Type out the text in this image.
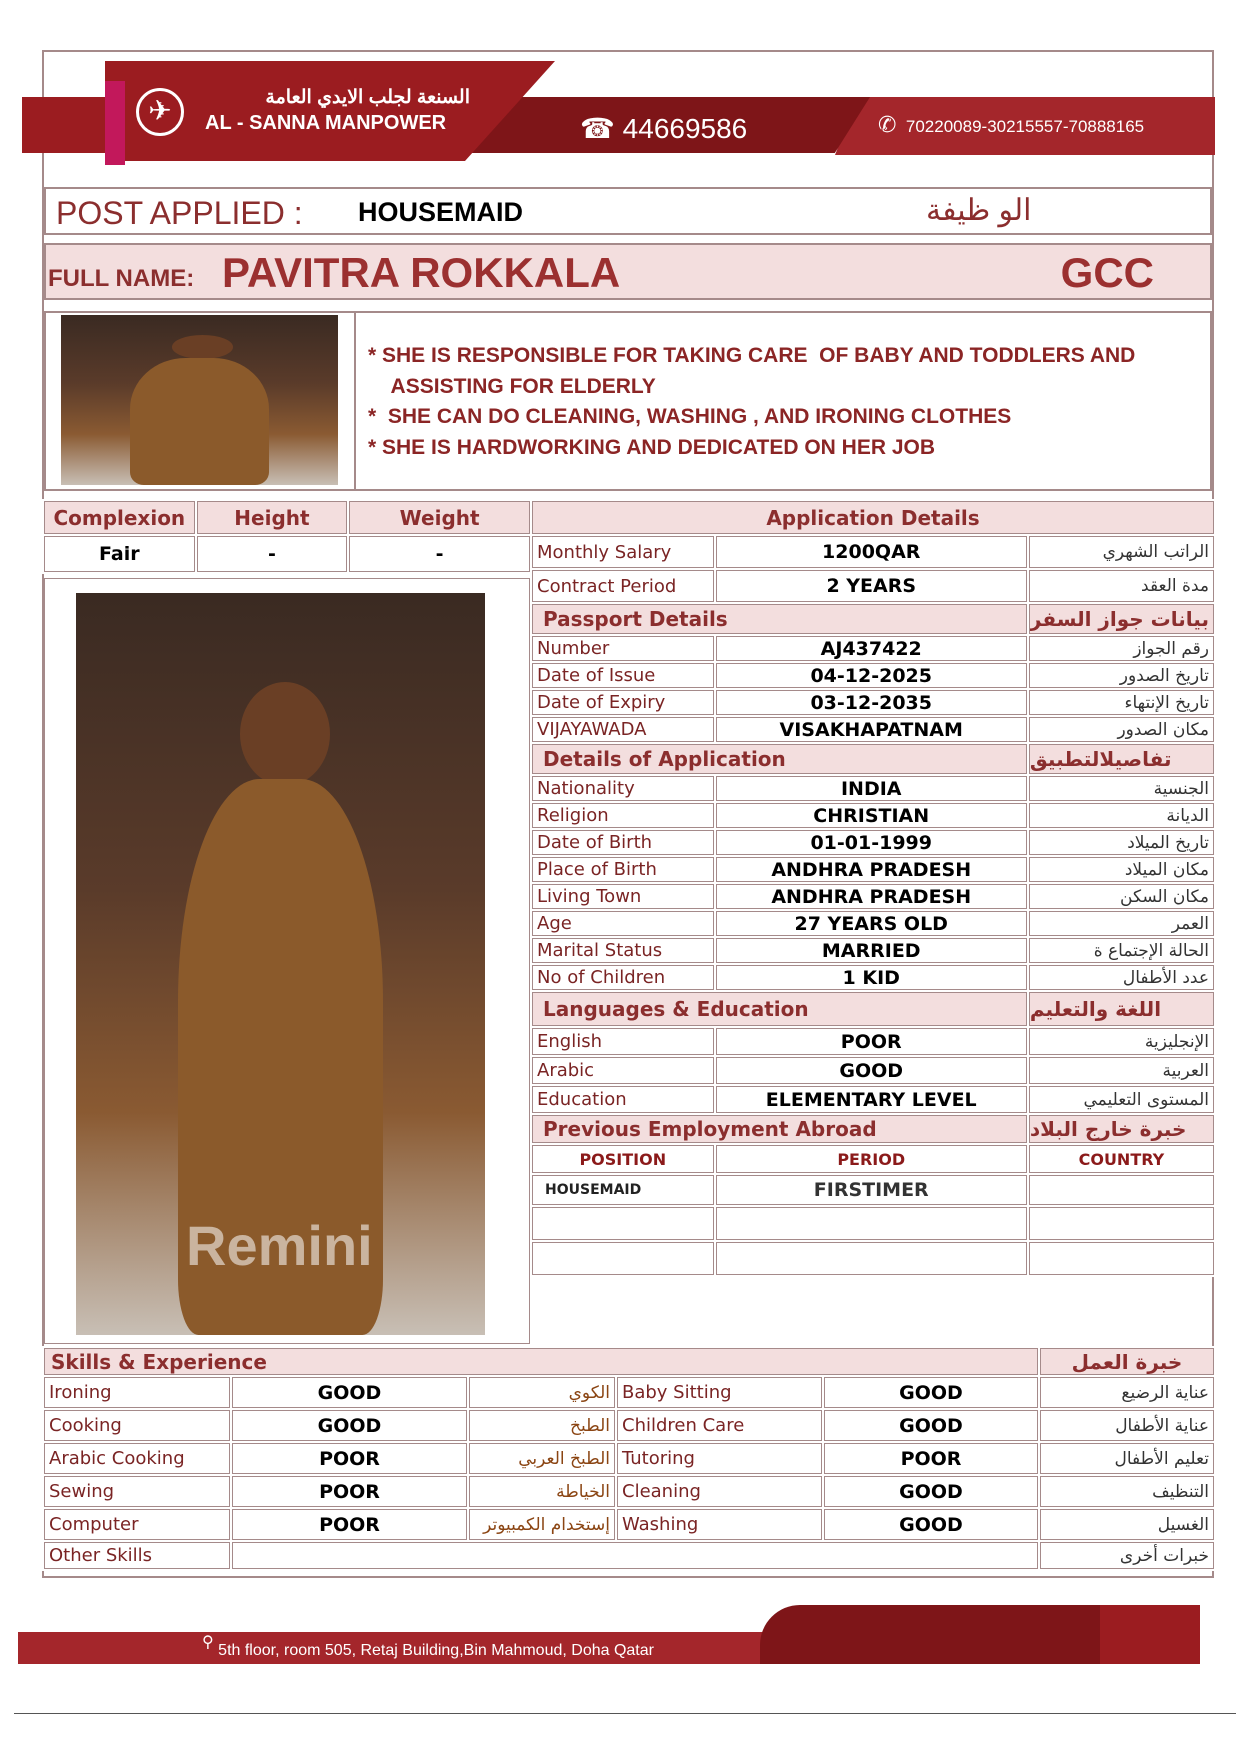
✈	السنعة لجلب الايدي العامة
AL - SANNA MANPOWER	☎ 44669586	✆ 70220089-30215557-70888165
POST APPLIED : HOUSEMAID	الو ظيفة
FULL NAME: PAVITRA ROKKALA	GCC
* SHE IS RESPONSIBLE FOR TAKING CARE  OF BABY AND TODDLERS AND
ASSISTING FOR ELDERLY
*  SHE CAN DO CLEANING, WASHING , AND IRONING CLOTHES
* SHE IS HARDWORKING AND DEDICATED ON HER JOB
Complexion	Height	Weight
Fair	-	-
Remini
Application Details		
Monthly Salary	1200QAR	الراتب الشهري
Contract Period	2 YEARS	مدة العقد
Passport Details		بيانات جواز السفر
Number	AJ437422	رقم الجواز
Date of Issue	04-12-2025	تاريخ الصدور
Date of Expiry	03-12-2035	تاريخ الإنتهاء
VIJAYAWADA	VISAKHAPATNAM	مكان الصدور
Details of Application		تفاصيلالتطبيق
Nationality	INDIA	الجنسية
Religion	CHRISTIAN	الديانة
Date of Birth	01-01-1999	تاريخ الميلاد
Place of Birth	ANDHRA PRADESH	مكان الميلاد
Living Town	ANDHRA PRADESH	مكان السكن
Age	27 YEARS OLD	العمر
Marital Status	MARRIED	الحالة الإجتماع ة
No of Children	1 KID	عدد الأطفال
Languages & Education		اللغة والتعليم
English	POOR	الإنجليزية
Arabic	GOOD	العربية
Education	ELEMENTARY LEVEL	المستوى التعليمي
Previous Employment Abroad		خبرة خارج البلاد
POSITION	PERIOD	COUNTRY
HOUSEMAID	FIRSTIMER	

Skills & Experience					خبرة العمل
Ironing	GOOD	الكوي	Baby Sitting	GOOD	عناية الرضيع
Cooking	GOOD	الطبخ	Children Care	GOOD	عناية الأطفال
Arabic Cooking	POOR	الطبخ العربي	Tutoring	POOR	تعليم الأطفال
Sewing	POOR	الخياطة	Cleaning	GOOD	التنظيف
Computer	POOR	إستخدام الكمبيوتر	Washing	GOOD	الغسيل
Other Skills					خبرات أخرى
⚲ 5th floor, room 505, Retaj Building,Bin Mahmoud, Doha Qatar
